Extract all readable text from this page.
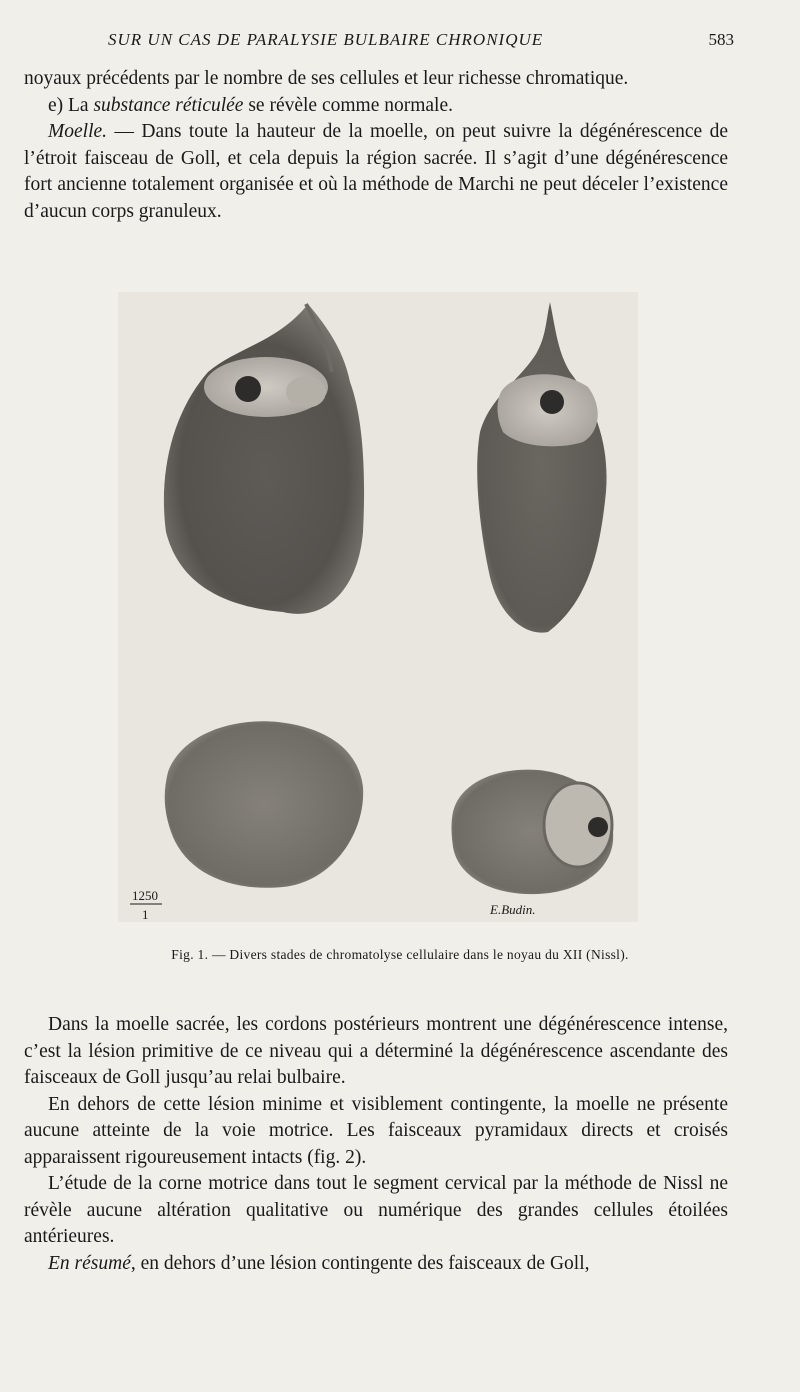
SUR UN CAS DE PARALYSIE BULBAIRE CHRONIQUE	583

noyaux précédents par le nombre de ses cellules et leur richesse chromatique.

e) La substance réticulée se révèle comme normale.

Moelle. — Dans toute la hauteur de la moelle, on peut suivre la dégénérescence de l’étroit faisceau de Goll, et cela depuis la région sacrée. Il s’agit d’une dégénérescence fort ancienne totalement organisée et où la méthode de Marchi ne peut déceler l’existence d’aucun corps granuleux.

1250
1	E.Budin.
Fig. 1. — Divers stades de chromatolyse cellulaire dans le noyau du XII (Nissl).

Dans la moelle sacrée, les cordons postérieurs montrent une dégénérescence intense, c’est la lésion primitive de ce niveau qui a déterminé la dégénérescence ascendante des faisceaux de Goll jusqu’au relai bulbaire.

En dehors de cette lésion minime et visiblement contingente, la moelle ne présente aucune atteinte de la voie motrice. Les faisceaux pyramidaux directs et croisés apparaissent rigoureusement intacts (fig. 2).

L’étude de la corne motrice dans tout le segment cervical par la méthode de Nissl ne révèle aucune altération qualitative ou numérique des grandes cellules étoilées antérieures.

En résumé, en dehors d’une lésion contingente des faisceaux de Goll,
